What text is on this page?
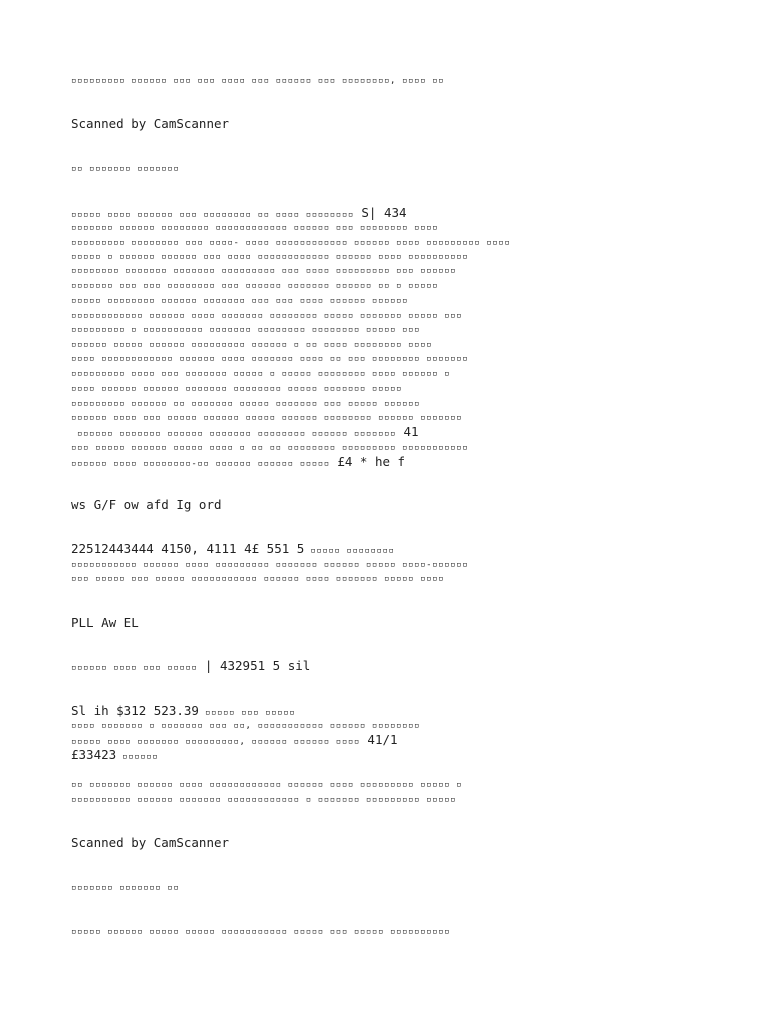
▫▫▫▫▫▫▫▫▫ ▫▫▫▫▫▫ ▫▫▫ ▫▫▫ ▫▫▫▫ ▫▫▫ ▫▫▫▫▫▫ ▫▫▫ ▫▫▫▫▫▫▫▫, ▫▫▫▫ ▫▫
Scanned by CamScanner
▫▫ ▫▫▫▫▫▫▫ ▫▫▫▫▫▫▫
▫▫▫▫▫ ▫▫▫▫ ▫▫▫▫▫▫ ▫▫▫ ▫▫▫▫▫▫▫▫ ▫▫ ▫▫▫▫ ▫▫▫▫▫▫▫▫ S| 434
▫▫▫▫▫▫▫ ▫▫▫▫▫▫ ▫▫▫▫▫▫▫▫ ▫▫▫▫▫▫▫▫▫▫▫▫ ▫▫▫▫▫▫ ▫▫▫ ▫▫▫▫▫▫▫▫ ▫▫▫▫
▫▫▫▫▫▫▫▫▫ ▫▫▫▫▫▫▫▫ ▫▫▫ ▫▫▫▫- ▫▫▫▫ ▫▫▫▫▫▫▫▫▫▫▫▫ ▫▫▫▫▫▫ ▫▫▫▫ ▫▫▫▫▫▫▫▫▫ ▫▫▫▫
▫▫▫▫▫ ▫ ▫▫▫▫▫▫ ▫▫▫▫▫▫ ▫▫▫ ▫▫▫▫ ▫▫▫▫▫▫▫▫▫▫▫▫ ▫▫▫▫▫▫ ▫▫▫▫ ▫▫▫▫▫▫▫▫▫▫
▫▫▫▫▫▫▫▫ ▫▫▫▫▫▫▫ ▫▫▫▫▫▫▫ ▫▫▫▫▫▫▫▫▫ ▫▫▫ ▫▫▫▫ ▫▫▫▫▫▫▫▫▫ ▫▫▫ ▫▫▫▫▫▫
▫▫▫▫▫▫▫ ▫▫▫ ▫▫▫ ▫▫▫▫▫▫▫▫ ▫▫▫ ▫▫▫▫▫▫ ▫▫▫▫▫▫▫ ▫▫▫▫▫▫ ▫▫ ▫ ▫▫▫▫▫
▫▫▫▫▫ ▫▫▫▫▫▫▫▫ ▫▫▫▫▫▫ ▫▫▫▫▫▫▫ ▫▫▫ ▫▫▫ ▫▫▫▫ ▫▫▫▫▫▫ ▫▫▫▫▫▫
▫▫▫▫▫▫▫▫▫▫▫▫ ▫▫▫▫▫▫ ▫▫▫▫ ▫▫▫▫▫▫▫ ▫▫▫▫▫▫▫▫ ▫▫▫▫▫ ▫▫▫▫▫▫▫ ▫▫▫▫▫ ▫▫▫
▫▫▫▫▫▫▫▫▫ ▫ ▫▫▫▫▫▫▫▫▫▫ ▫▫▫▫▫▫▫ ▫▫▫▫▫▫▫▫ ▫▫▫▫▫▫▫▫ ▫▫▫▫▫ ▫▫▫
▫▫▫▫▫▫ ▫▫▫▫▫ ▫▫▫▫▫▫ ▫▫▫▫▫▫▫▫▫ ▫▫▫▫▫▫ ▫ ▫▫ ▫▫▫▫ ▫▫▫▫▫▫▫▫ ▫▫▫▫
▫▫▫▫ ▫▫▫▫▫▫▫▫▫▫▫▫ ▫▫▫▫▫▫ ▫▫▫▫ ▫▫▫▫▫▫▫ ▫▫▫▫ ▫▫ ▫▫▫ ▫▫▫▫▫▫▫▫ ▫▫▫▫▫▫▫
▫▫▫▫▫▫▫▫▫ ▫▫▫▫ ▫▫▫ ▫▫▫▫▫▫▫ ▫▫▫▫▫ ▫ ▫▫▫▫▫ ▫▫▫▫▫▫▫▫ ▫▫▫▫ ▫▫▫▫▫▫ ▫
▫▫▫▫ ▫▫▫▫▫▫ ▫▫▫▫▫▫ ▫▫▫▫▫▫▫ ▫▫▫▫▫▫▫▫ ▫▫▫▫▫ ▫▫▫▫▫▫▫ ▫▫▫▫▫
▫▫▫▫▫▫▫▫▫ ▫▫▫▫▫▫ ▫▫ ▫▫▫▫▫▫▫ ▫▫▫▫▫ ▫▫▫▫▫▫▫ ▫▫▫ ▫▫▫▫▫ ▫▫▫▫▫▫
▫▫▫▫▫▫ ▫▫▫▫ ▫▫▫ ▫▫▫▫▫ ▫▫▫▫▫▫ ▫▫▫▫▫ ▫▫▫▫▫▫ ▫▫▫▫▫▫▫▫ ▫▫▫▫▫▫ ▫▫▫▫▫▫▫
▫▫▫▫▫▫ ▫▫▫▫▫▫▫ ▫▫▫▫▫▫ ▫▫▫▫▫▫▫ ▫▫▫▫▫▫▫▫ ▫▫▫▫▫▫ ▫▫▫▫▫▫▫ 41
▫▫▫ ▫▫▫▫▫ ▫▫▫▫▫▫ ▫▫▫▫▫ ▫▫▫▫ ▫ ▫▫ ▫▫ ▫▫▫▫▫▫▫▫ ▫▫▫▫▫▫▫▫▫ ▫▫▫▫▫▫▫▫▫▫▫
▫▫▫▫▫▫ ▫▫▫▫ ▫▫▫▫▫▫▫▫-▫▫ ▫▫▫▫▫▫ ▫▫▫▫▫▫ ▫▫▫▫▫ £4 * he f
ws G/F ow afd Ig ord
22512443444 4150, 4111 4£ 551 5 ▫▫▫▫▫ ▫▫▫▫▫▫▫▫
▫▫▫▫▫▫▫▫▫▫▫ ▫▫▫▫▫▫ ▫▫▫▫ ▫▫▫▫▫▫▫▫▫ ▫▫▫▫▫▫▫ ▫▫▫▫▫▫ ▫▫▫▫▫ ▫▫▫▫-▫▫▫▫▫▫
▫▫▫ ▫▫▫▫▫ ▫▫▫ ▫▫▫▫▫ ▫▫▫▫▫▫▫▫▫▫▫ ▫▫▫▫▫▫ ▫▫▫▫ ▫▫▫▫▫▫▫ ▫▫▫▫▫ ▫▫▫▫
PLL Aw EL
▫▫▫▫▫▫ ▫▫▫▫ ▫▫▫ ▫▫▫▫▫ | 432951 5 sil
Sl ih $312 523.39 ▫▫▫▫▫ ▫▫▫ ▫▫▫▫▫
▫▫▫▫ ▫▫▫▫▫▫▫ ▫ ▫▫▫▫▫▫▫ ▫▫▫ ▫▫, ▫▫▫▫▫▫▫▫▫▫▫ ▫▫▫▫▫▫ ▫▫▫▫▫▫▫▫
▫▫▫▫▫ ▫▫▫▫ ▫▫▫▫▫▫▫ ▫▫▫▫▫▫▫▫▫, ▫▫▫▫▫▫ ▫▫▫▫▫▫ ▫▫▫▫ 41/1
£33423 ▫▫▫▫▫▫
▫▫ ▫▫▫▫▫▫▫ ▫▫▫▫▫▫ ▫▫▫▫ ▫▫▫▫▫▫▫▫▫▫▫▫ ▫▫▫▫▫▫ ▫▫▫▫ ▫▫▫▫▫▫▫▫▫ ▫▫▫▫▫ ▫
▫▫▫▫▫▫▫▫▫▫ ▫▫▫▫▫▫ ▫▫▫▫▫▫▫ ▫▫▫▫▫▫▫▫▫▫▫▫ ▫ ▫▫▫▫▫▫▫ ▫▫▫▫▫▫▫▫▫ ▫▫▫▫▫
Scanned by CamScanner
▫▫▫▫▫▫▫ ▫▫▫▫▫▫▫ ▫▫
▫▫▫▫▫ ▫▫▫▫▫▫ ▫▫▫▫▫ ▫▫▫▫▫ ▫▫▫▫▫▫▫▫▫▫▫ ▫▫▫▫▫ ▫▫▫ ▫▫▫▫▫ ▫▫▫▫▫▫▫▫▫▫
